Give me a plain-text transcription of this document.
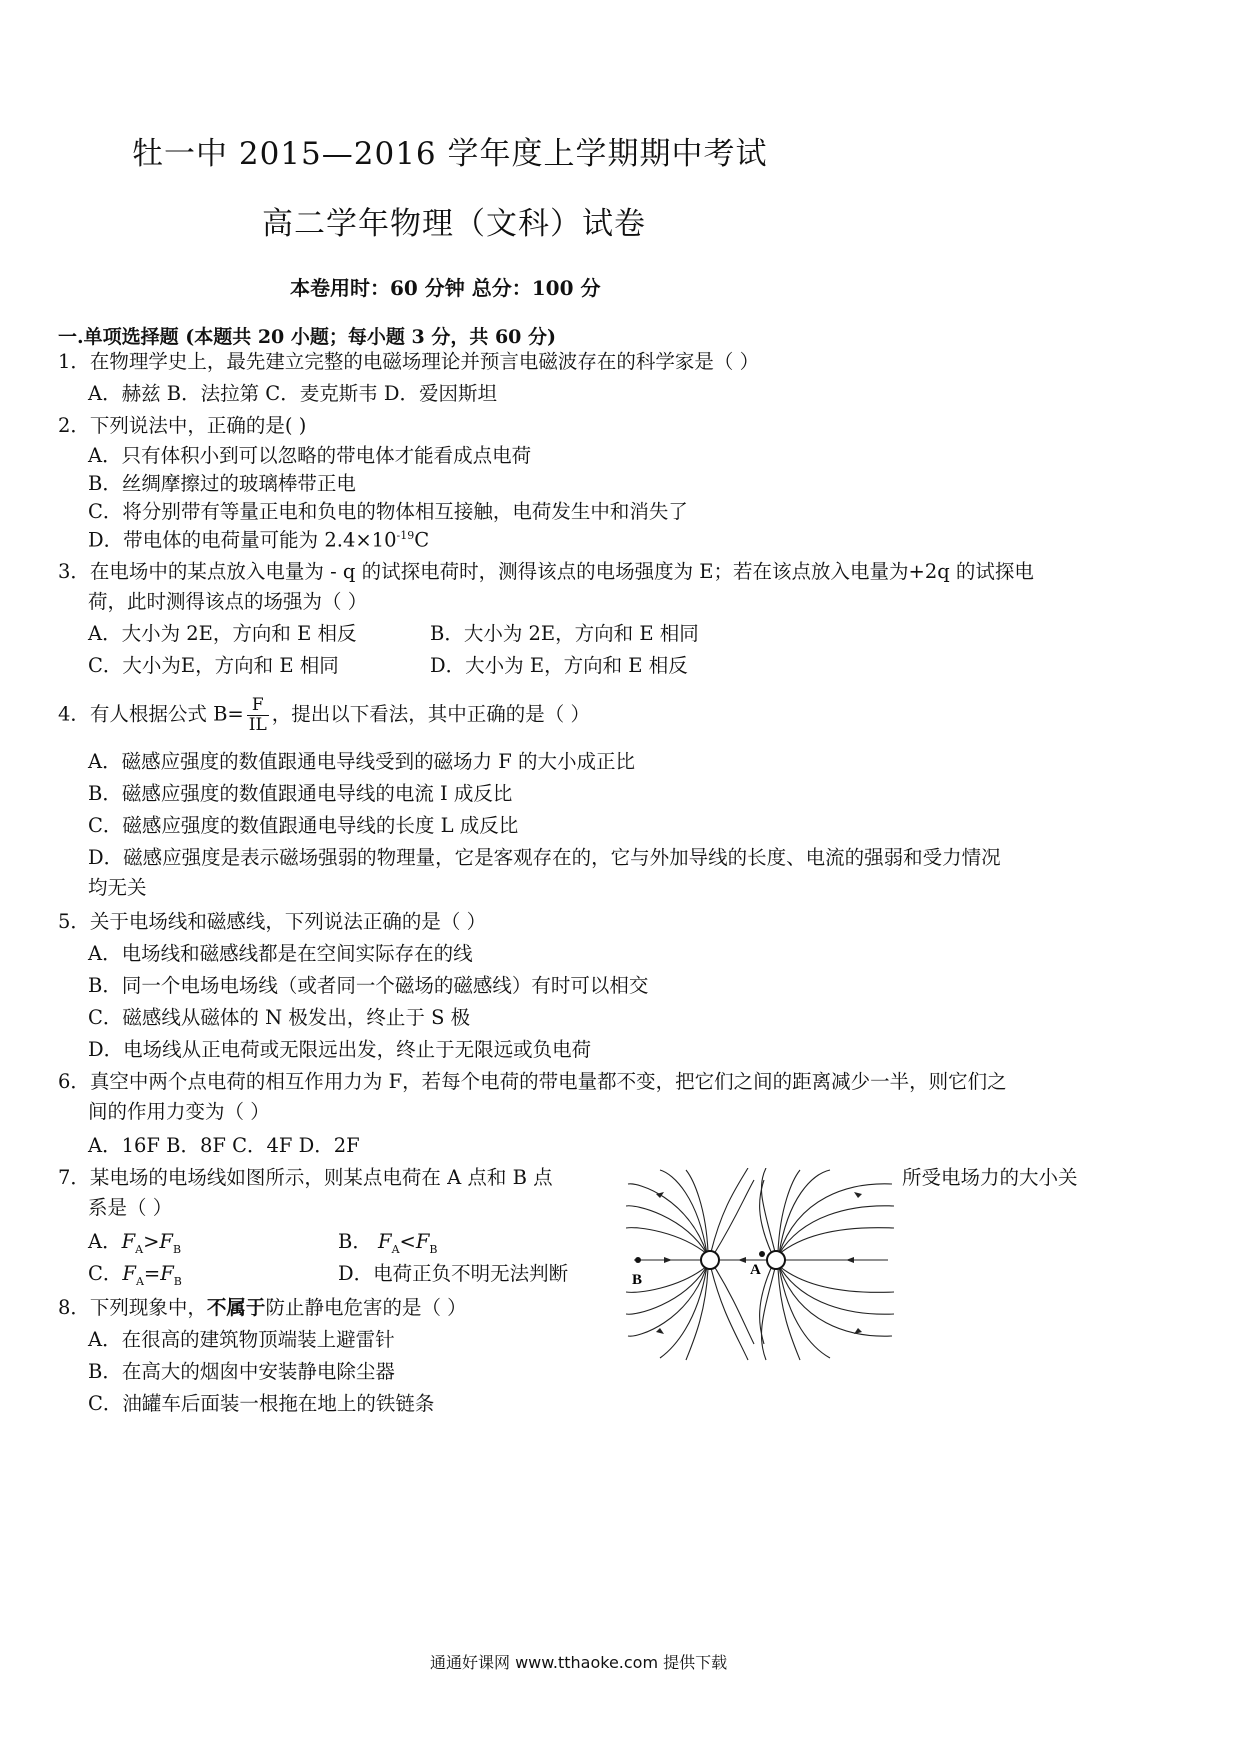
牡一中 2015—2016 学年度上学期期中考试
高二学年物理（文科）试卷
本卷用时：60 分钟 总分：100 分
一.单项选择题 (本题共 20 小题；每小题 3 分，共 60 分)
1．在物理学史上，最先建立完整的电磁场理论并预言电磁波存在的科学家是（ ）
A．赫兹 B．法拉第 C．麦克斯韦 D．爱因斯坦
2．下列说法中，正确的是( )
A．只有体积小到可以忽略的带电体才能看成点电荷
B．丝绸摩擦过的玻璃棒带正电
C．将分别带有等量正电和负电的物体相互接触，电荷发生中和消失了
D．带电体的电荷量可能为 $2.4\times 10^{-19}C$
3．在电场中的某点放入电量为 - q 的试探电荷时，测得该点的电场强度为 E；若在该点放入电量为+2q 的试探电
荷，此时测得该点的场强为（ ）
A．大小为 2E，方向和 E 相反	B．大小为 2E，方向和 E 相同
C．大小为E，方向和 E 相同	D．大小为 E，方向和 E 相反
4．有人根据公式 $B= \frac{F}{IL}$ ，提出以下看法，其中正确的是（ ）
A．磁感应强度的数值跟通电导线受到的磁场力 F 的大小成正比
B．磁感应强度的数值跟通电导线的电流 I 成反比
C．磁感应强度的数值跟通电导线的长度 L 成反比
D．磁感应强度是表示磁场强弱的物理量，它是客观存在的，它与外加导线的长度、电流的强弱和受力情况
均无关
5．关于电场线和磁感线，下列说法正确的是（ ）
A．电场线和磁感线都是在空间实际存在的线
B．同一个电场电场线（或者同一个磁场的磁感线）有时可以相交
C．磁感线从磁体的 N 极发出，终止于 S 极
D．电场线从正电荷或无限远出发，终止于无限远或负电荷
6．真空中两个点电荷的相互作用力为 F，若每个电荷的带电量都不变，把它们之间的距离减少一半，则它们之
间的作用力变为（ ）
A．16F B．8F C．4F D．2F
7．某电场的电场线如图所示，则某点电荷在 A 点和 B 点	所受电场力的大小关
系是（ ）
A．$F_A>F_B$	B． $F_A<F_B$
C．$F_A=F_B$	D．电荷正负不明无法判断	B
A
8．下列现象中，不属于防止静电危害的是（ ）
A．在很高的建筑物顶端装上避雷针
B．在高大的烟囱中安装静电除尘器
C．油罐车后面装一根拖在地上的铁链条
通通好课网 www.tthaoke.com 提供下载
